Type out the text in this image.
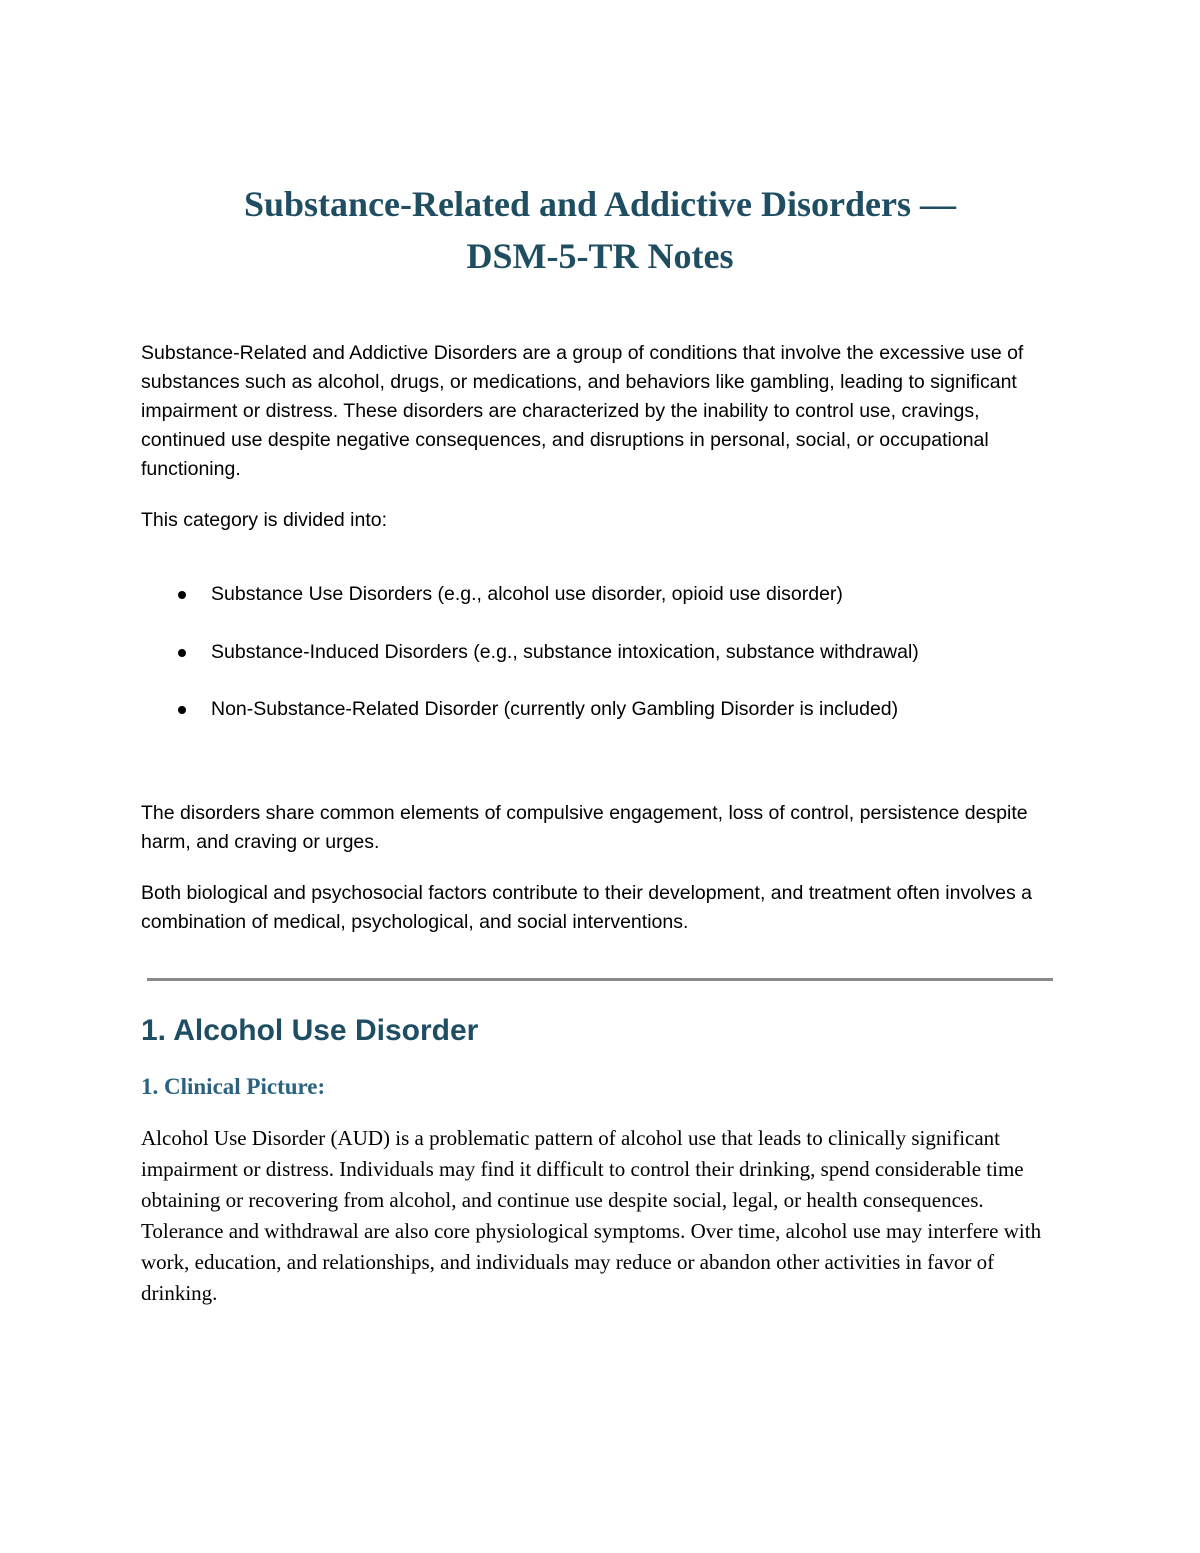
Substance-Related and Addictive Disorders —
DSM-5-TR Notes

Substance-Related and Addictive Disorders are a group of conditions that involve the excessive use of substances such as alcohol, drugs, or medications, and behaviors like gambling, leading to significant impairment or distress. These disorders are characterized by the inability to control use, cravings, continued use despite negative consequences, and disruptions in personal, social, or occupational functioning.

This category is divided into:

Substance Use Disorders (e.g., alcohol use disorder, opioid use disorder)
Substance-Induced Disorders (e.g., substance intoxication, substance withdrawal)
Non-Substance-Related Disorder (currently only Gambling Disorder is included)

The disorders share common elements of compulsive engagement, loss of control, persistence despite harm, and craving or urges.

Both biological and psychosocial factors contribute to their development, and treatment often involves a combination of medical, psychological, and social interventions.

1. Alcohol Use Disorder
1. Clinical Picture:

Alcohol Use Disorder (AUD) is a problematic pattern of alcohol use that leads to clinically significant impairment or distress. Individuals may find it difficult to control their drinking, spend considerable time obtaining or recovering from alcohol, and continue use despite social, legal, or health consequences. Tolerance and withdrawal are also core physiological symptoms. Over time, alcohol use may interfere with work, education, and relationships, and individuals may reduce or abandon other activities in favor of drinking.
